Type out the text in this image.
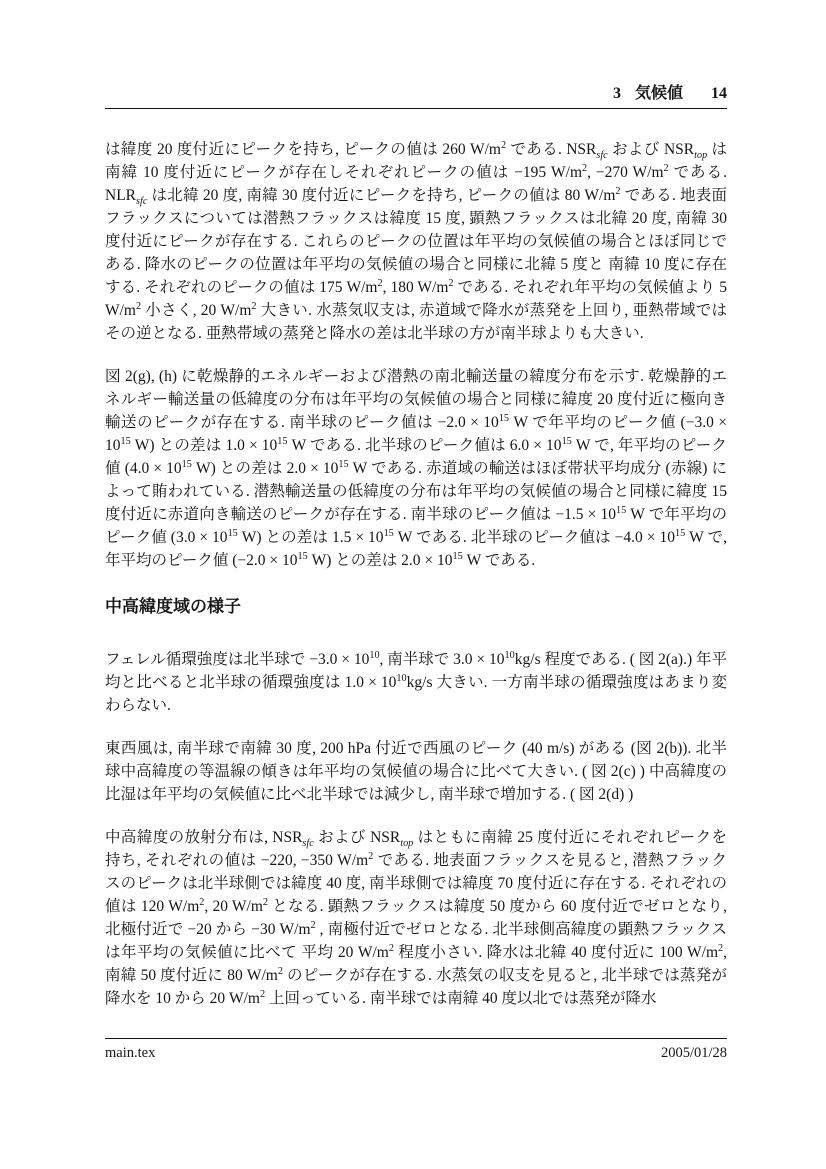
3 気候値 14

は緯度 20 度付近にピークを持ち, ピークの値は 260 $W/m^2$ である. $NSR_{sfc}$ および $NSR_{top}$ は南緯 10 度付近にピークが存在しそれぞれピークの値は −195 $W/m^2$, −270 $W/m^2$ である. $NLR_{sfc}$ は北緯 20 度, 南緯 30 度付近にピークを持ち, ピークの値は 80 $W/m^2$ である. 地表面フラックスについては潜熱フラックスは緯度 15 度, 顕熱フラックスは北緯 20 度, 南緯 30 度付近にピークが存在する. これらのピークの位置は年平均の気候値の場合とほぼ同じである. 降水のピークの位置は年平均の気候値の場合と同様に北緯 5 度と 南緯 10 度に存在する. それぞれのピークの値は 175 $W/m^2$, 180 $W/m^2$ である. それぞれ年平均の気候値より 5 $W/m^2$ 小さく, 20 $W/m^2$ 大きい. 水蒸気収支は, 赤道域で降水が蒸発を上回り, 亜熱帯域ではその逆となる. 亜熱帯域の蒸発と降水の差は北半球の方が南半球よりも大きい.

図 2(g), (h) に乾燥静的エネルギーおよび潜熱の南北輸送量の緯度分布を示す. 乾燥静的エネルギー輸送量の低緯度の分布は年平均の気候値の場合と同様に緯度 20 度付近に極向き輸送のピークが存在する. 南半球のピーク値は $-2.0 \times 10^{15}$ W で年平均のピーク値 ($-3.0 \times 10^{15}$ W) との差は $1.0 \times 10^{15}$ W である. 北半球のピーク値は $6.0 \times 10^{15}$ W で, 年平均のピーク値 ($4.0 \times 10^{15}$ W) との差は $2.0 \times 10^{15}$ W である. 赤道域の輸送はほぼ帯状平均成分 (赤線) によって賄われている. 潜熱輸送量の低緯度の分布は年平均の気候値の場合と同様に緯度 15 度付近に赤道向き輸送のピークが存在する. 南半球のピーク値は $-1.5 \times 10^{15}$ W で年平均のピーク値 ($3.0 \times 10^{15}$ W) との差は $1.5 \times 10^{15}$ W である. 北半球のピーク値は $-4.0 \times 10^{15}$ W で, 年平均のピーク値 ($-2.0 \times 10^{15}$ W) との差は $2.0 \times 10^{15}$ W である.

中高緯度域の様子

フェレル循環強度は北半球で $-3.0 \times 10^{10}$, 南半球で $3.0 \times 10^{10}kg/s$ 程度である. ( 図 2(a).) 年平均と比べると北半球の循環強度は $1.0 \times 10^{10}kg/s$ 大きい. 一方南半球の循環強度はあまり変わらない.

東西風は, 南半球で南緯 30 度, 200 hPa 付近で西風のピーク (40 m/s) がある (図 2(b)). 北半球中高緯度の等温線の傾きは年平均の気候値の場合に比べて大きい. ( 図 2(c) ) 中高緯度の比湿は年平均の気候値に比べ北半球では減少し, 南半球で増加する. ( 図 2(d) )

中高緯度の放射分布は, $NSR_{sfc}$ および $NSR_{top}$ はともに南緯 25 度付近にそれぞれピークを持ち, それぞれの値は −220, −350 $W/m^2$ である. 地表面フラックスを見ると, 潜熱フラックスのピークは北半球側では緯度 40 度, 南半球側では緯度 70 度付近に存在する. それぞれの値は 120 $W/m^2$, 20 $W/m^2$ となる. 顕熱フラックスは緯度 50 度から 60 度付近でゼロとなり, 北極付近で −20 から −30 $W/m^2$ , 南極付近でゼロとなる. 北半球側高緯度の顕熱フラックスは年平均の気候値に比べて 平均 20 $W/m^2$ 程度小さい. 降水は北緯 40 度付近に 100 $W/m^2$, 南緯 50 度付近に 80 $W/m^2$ のピークが存在する. 水蒸気の収支を見ると, 北半球では蒸発が降水を 10 から 20 $W/m^2$ 上回っている. 南半球では南緯 40 度以北では蒸発が降水

main.tex	2005/01/28
